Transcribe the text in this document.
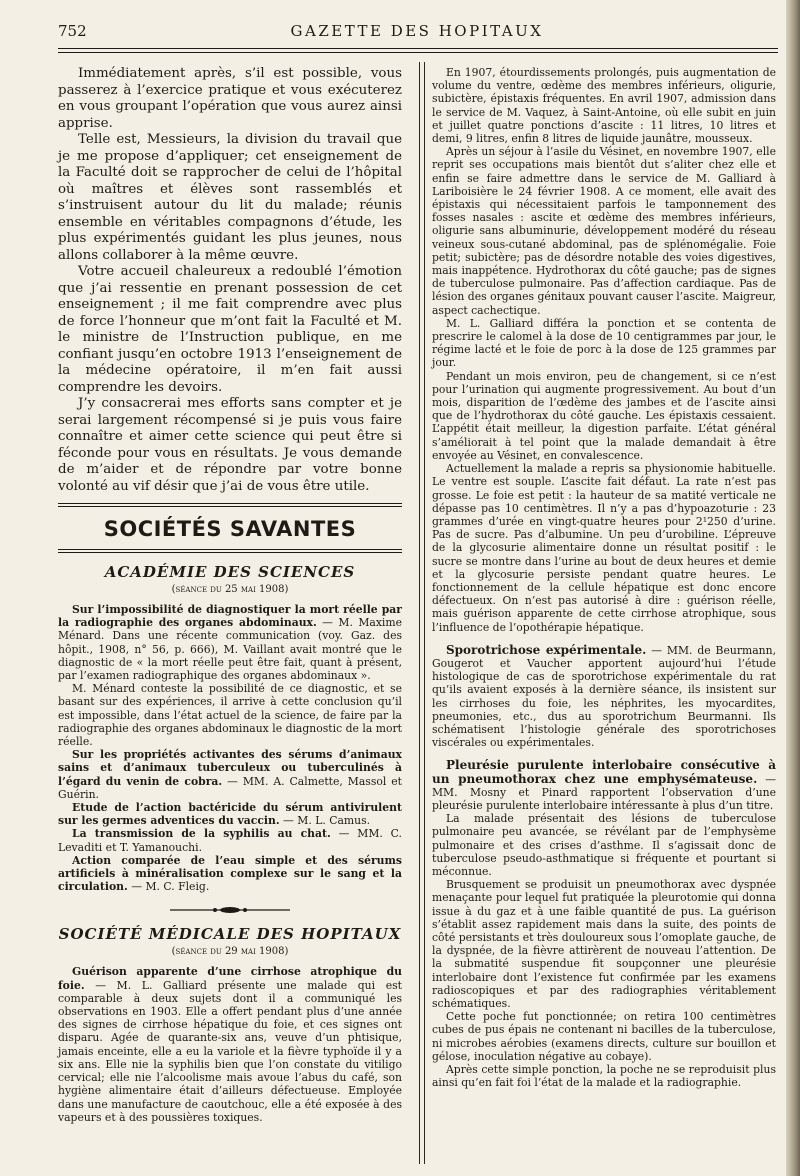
752	GAZETTE DES HOPITAUX

Immédiatement après, s’il est possible, vous passerez à l’exercice pratique et vous exécuterez en vous groupant l’opération que vous aurez ainsi apprise.

Telle est, Messieurs, la division du travail que je me propose d’appliquer; cet enseignement de la Faculté doit se rapprocher de celui de l’hôpital où maîtres et élèves sont rassemblés et s’instruisent autour du lit du malade; réunis ensemble en véritables compagnons d’étude, les plus expérimentés guidant les plus jeunes, nous allons collaborer à la même œuvre.

Votre accueil chaleureux a redoublé l’émotion que j’ai ressentie en prenant possession de cet enseignement ; il me fait comprendre avec plus de force l’honneur que m’ont fait la Faculté et M. le ministre de l’Instruction publique, en me confiant jusqu’en octobre 1913 l’enseignement de la médecine opératoire, il m’en fait aussi comprendre les devoirs.

J’y consacrerai mes efforts sans compter et je serai largement récompensé si je puis vous faire connaître et aimer cette science qui peut être si féconde pour vous en résultats. Je vous demande de m’aider et de répondre par votre bonne volonté au vif désir que j’ai de vous être utile.

SOCIÉTÉS SAVANTES
ACADÉMIE DES SCIENCES
(séance du 25 mai 1908)

Sur l’impossibilité de diagnostiquer la mort réelle par la radiographie des organes abdominaux. — M. Maxime Ménard. Dans une récente communication (voy. Gaz. des hôpit., 1908, n° 56, p. 666), M. Vaillant avait montré que le diagnostic de « la mort réelle peut être fait, quant à présent, par l’examen radiographique des organes abdominaux ».

M. Ménard conteste la possibilité de ce diagnostic, et se basant sur des expériences, il arrive à cette conclusion qu’il est impossible, dans l’état actuel de la science, de faire par la radiographie des organes abdominaux le diagnostic de la mort réelle.

Sur les propriétés activantes des sérums d’animaux sains et d’animaux tuberculeux ou tuberculinés à l’égard du venin de cobra. — MM. A. Calmette, Massol et Guérin.

Etude de l’action bactéricide du sérum antivirulent sur les germes adventices du vaccin. — M. L. Camus.

La transmission de la syphilis au chat. — MM. C. Levaditi et T. Yamanouchi.

Action comparée de l’eau simple et des sérums artificiels à minéralisation complexe sur le sang et la circulation. — M. C. Fleig.

SOCIÉTÉ MÉDICALE DES HOPITAUX
(séance du 29 mai 1908)

Guérison apparente d’une cirrhose atrophique du foie. — M. L. Galliard présente une malade qui est comparable à deux sujets dont il a communiqué les observations en 1903. Elle a offert pendant plus d’une année des signes de cirrhose hépatique du foie, et ces signes ont disparu. Agée de quarante-six ans, veuve d’un phtisique, jamais enceinte, elle a eu la variole et la fièvre typhoïde il y a six ans. Elle nie la syphilis bien que l’on constate du vitiligo cervical; elle nie l’alcoolisme mais avoue l’abus du café, son hygiène alimentaire était d’ailleurs défectueuse. Employée dans une manufacture de caoutchouc, elle a été exposée à des vapeurs et à des poussières toxiques.

En 1907, étourdissements prolongés, puis augmentation de volume du ventre, œdème des membres inférieurs, oligurie, subictère, épistaxis fréquentes. En avril 1907, admission dans le service de M. Vaquez, à Saint-Antoine, où elle subit en juin et juillet quatre ponctions d’ascite : 11 litres, 10 litres et demi, 9 litres, enfin 8 litres de liquide jaunâtre, mousseux.

Après un séjour à l’asile du Vésinet, en novembre 1907, elle reprit ses occupations mais bientôt dut s’aliter chez elle et enfin se faire admettre dans le service de M. Galliard à Lariboisière le 24 février 1908. A ce moment, elle avait des épistaxis qui nécessitaient parfois le tamponnement des fosses nasales : ascite et œdème des membres inférieurs, oligurie sans albuminurie, développement modéré du réseau veineux sous-cutané abdominal, pas de splénomégalie. Foie petit; subictère; pas de désordre notable des voies digestives, mais inappétence. Hydrothorax du côté gauche; pas de signes de tuberculose pulmonaire. Pas d’affection cardiaque. Pas de lésion des organes génitaux pouvant causer l’ascite. Maigreur, aspect cachectique.

M. L. Galliard différa la ponction et se contenta de prescrire le calomel à la dose de 10 centigrammes par jour, le régime lacté et le foie de porc à la dose de 125 grammes par jour.

Pendant un mois environ, peu de changement, si ce n’est pour l’urination qui augmente progressivement. Au bout d’un mois, disparition de l’œdème des jambes et de l’ascite ainsi que de l’hydrothorax du côté gauche. Les épistaxis cessaient. L’appétit était meilleur, la digestion parfaite. L’état général s’améliorait à tel point que la malade demandait à être envoyée au Vésinet, en convalescence.

Actuellement la malade a repris sa physionomie habituelle. Le ventre est souple. L’ascite fait défaut. La rate n’est pas grosse. Le foie est petit : la hauteur de sa matité verticale ne dépasse pas 10 centimètres. Il n’y a pas d’hypoazoturie : 23 grammes d’urée en vingt-quatre heures pour 2¹250 d’urine. Pas de sucre. Pas d’albumine. Un peu d’urobiline. L’épreuve de la glycosurie alimentaire donne un résultat positif : le sucre se montre dans l’urine au bout de deux heures et demie et la glycosurie persiste pendant quatre heures. Le fonctionnement de la cellule hépatique est donc encore défectueux. On n’est pas autorisé à dire : guérison réelle, mais guérison apparente de cette cirrhose atrophique, sous l’influence de l’opothérapie hépatique.

Sporotrichose expérimentale. — MM. de Beurmann, Gougerot et Vaucher apportent aujourd’hui l’étude histologique de cas de sporotrichose expérimentale du rat qu’ils avaient exposés à la dernière séance, ils insistent sur les cirrhoses du foie, les néphrites, les myocardites, pneumonies, etc., dus au sporotrichum Beurmanni. Ils schématisent l’histologie générale des sporotrichoses viscérales ou expérimentales.

Pleurésie purulente interlobaire consécutive à un pneumothorax chez une emphysémateuse. — MM. Mosny et Pinard rapportent l’observation d’une pleurésie purulente interlobaire intéressante à plus d’un titre.

La malade présentait des lésions de tuberculose pulmonaire peu avancée, se révélant par de l’emphysème pulmonaire et des crises d’asthme. Il s’agissait donc de tuberculose pseudo-asthmatique si fréquente et pourtant si méconnue.

Brusquement se produisit un pneumothorax avec dyspnée menaçante pour lequel fut pratiquée la pleurotomie qui donna issue à du gaz et à une faible quantité de pus. La guérison s’établit assez rapidement mais dans la suite, des points de côté persistants et très douloureux sous l’omoplate gauche, de la dyspnée, de la fièvre attirèrent de nouveau l’attention. De la submatité suspendue fit soupçonner une pleurésie interlobaire dont l’existence fut confirmée par les examens radioscopiques et par des radiographies véritablement schématiques.

Cette poche fut ponctionnée; on retira 100 centimètres cubes de pus épais ne contenant ni bacilles de la tuberculose, ni microbes aérobies (examens directs, culture sur bouillon et gélose, inoculation négative au cobaye).

Après cette simple ponction, la poche ne se reproduisit plus ainsi qu’en fait foi l’état de la malade et la radiographie.
